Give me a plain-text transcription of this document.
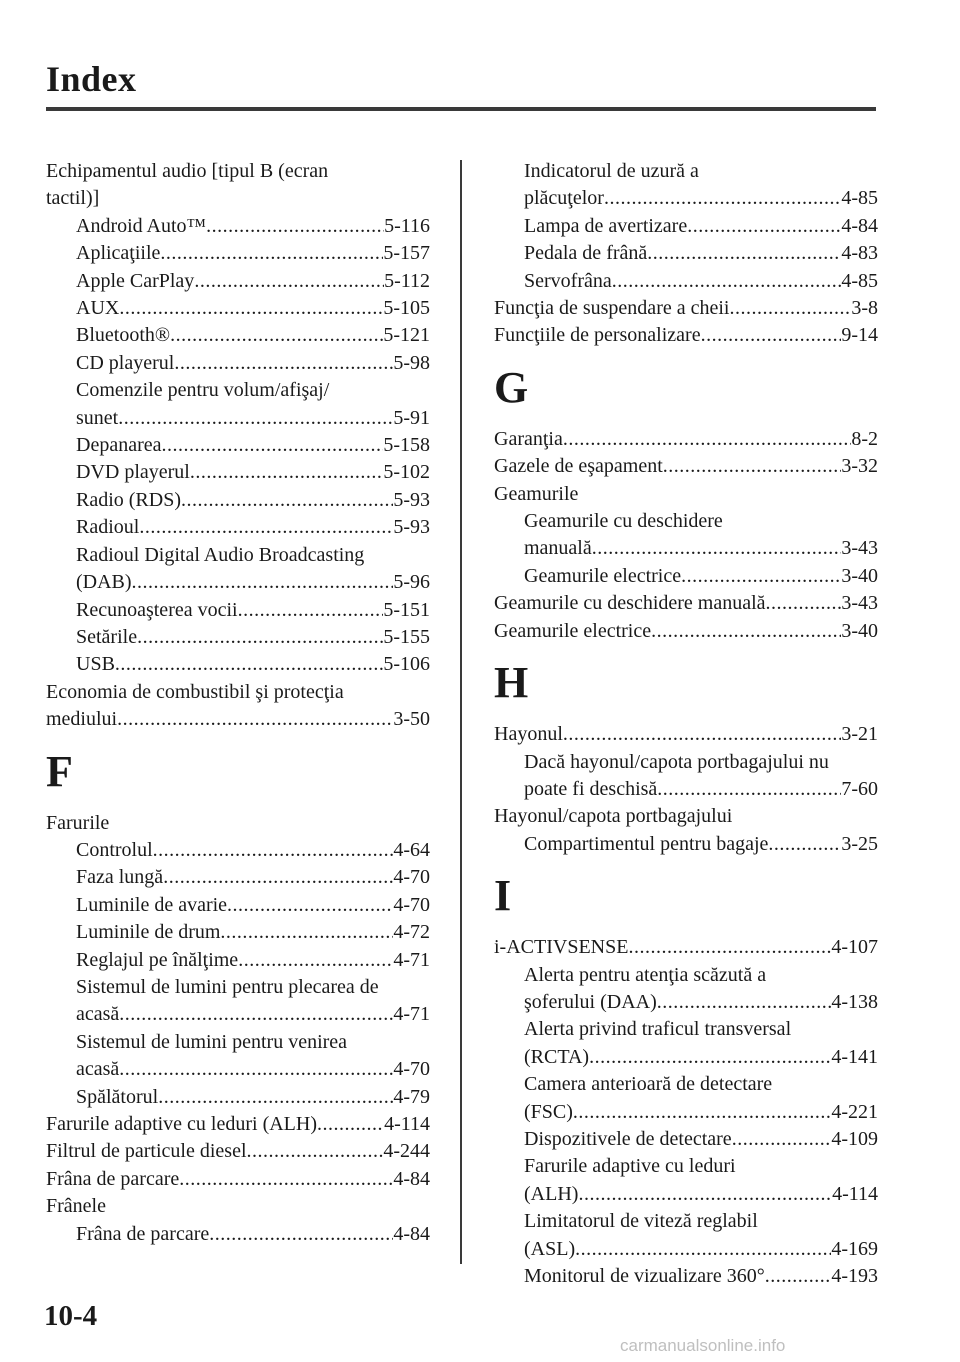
Index
Echipamentul audio [tipul B (ecran
tactil)]
Android Auto™ .....	5-116
Aplicaţiile .....	5-157
Apple CarPlay .....	5-112
AUX .....	5-105
Bluetooth® .....	5-121
CD playerul .....	5-98
Comenzile pentru volum/afişaj/
sunet .....	5-91
Depanarea .....	5-158
DVD playerul .....	5-102
Radio (RDS) .....	5-93
Radioul .....	5-93
Radioul Digital Audio Broadcasting
(DAB) .....	5-96
Recunoaşterea vocii .....	5-151
Setările .....	5-155
USB .....	5-106
Economia de combustibil şi protecţia
mediului .....	3-50
F
Farurile
Controlul .....	4-64
Faza lungă .....	4-70
Luminile de avarie .....	4-70
Luminile de drum .....	4-72
Reglajul pe înălţime .....	4-71
Sistemul de lumini pentru plecarea de
acasă .....	4-71
Sistemul de lumini pentru venirea
acasă .....	4-70
Spălătorul .....	4-79
Farurile adaptive cu leduri (ALH) .....	4-114
Filtrul de particule diesel .....	4-244
Frâna de parcare .....	4-84
Frânele
Frâna de parcare .....	4-84
Indicatorul de uzură a
plăcuţelor .....	4-85
Lampa de avertizare .....	4-84
Pedala de frână .....	4-83
Servofrâna .....	4-85
Funcţia de suspendare a cheii .....	3-8
Funcţiile de personalizare .....	9-14
G
Garanţia .....	8-2
Gazele de eşapament .....	3-32
Geamurile
Geamurile cu deschidere
manuală .....	3-43
Geamurile electrice .....	3-40
Geamurile cu deschidere manuală .....	3-43
Geamurile electrice .....	3-40
H
Hayonul .....	3-21
Dacă hayonul/capota portbagajului nu
poate fi deschisă .....	7-60
Hayonul/capota portbagajului
Compartimentul pentru bagaje .....	3-25
I
i-ACTIVSENSE .....	4-107
Alerta pentru atenţia scăzută a
şoferului (DAA) .....	4-138
Alerta privind traficul transversal
(RCTA) .....	4-141
Camera anterioară de detectare
(FSC) .....	4-221
Dispozitivele de detectare .....	4-109
Farurile adaptive cu leduri
(ALH) .....	4-114
Limitatorul de viteză reglabil
(ASL) .....	4-169
Monitorul de vizualizare 360° .....	4-193
10-4
carmanualsonline.info
